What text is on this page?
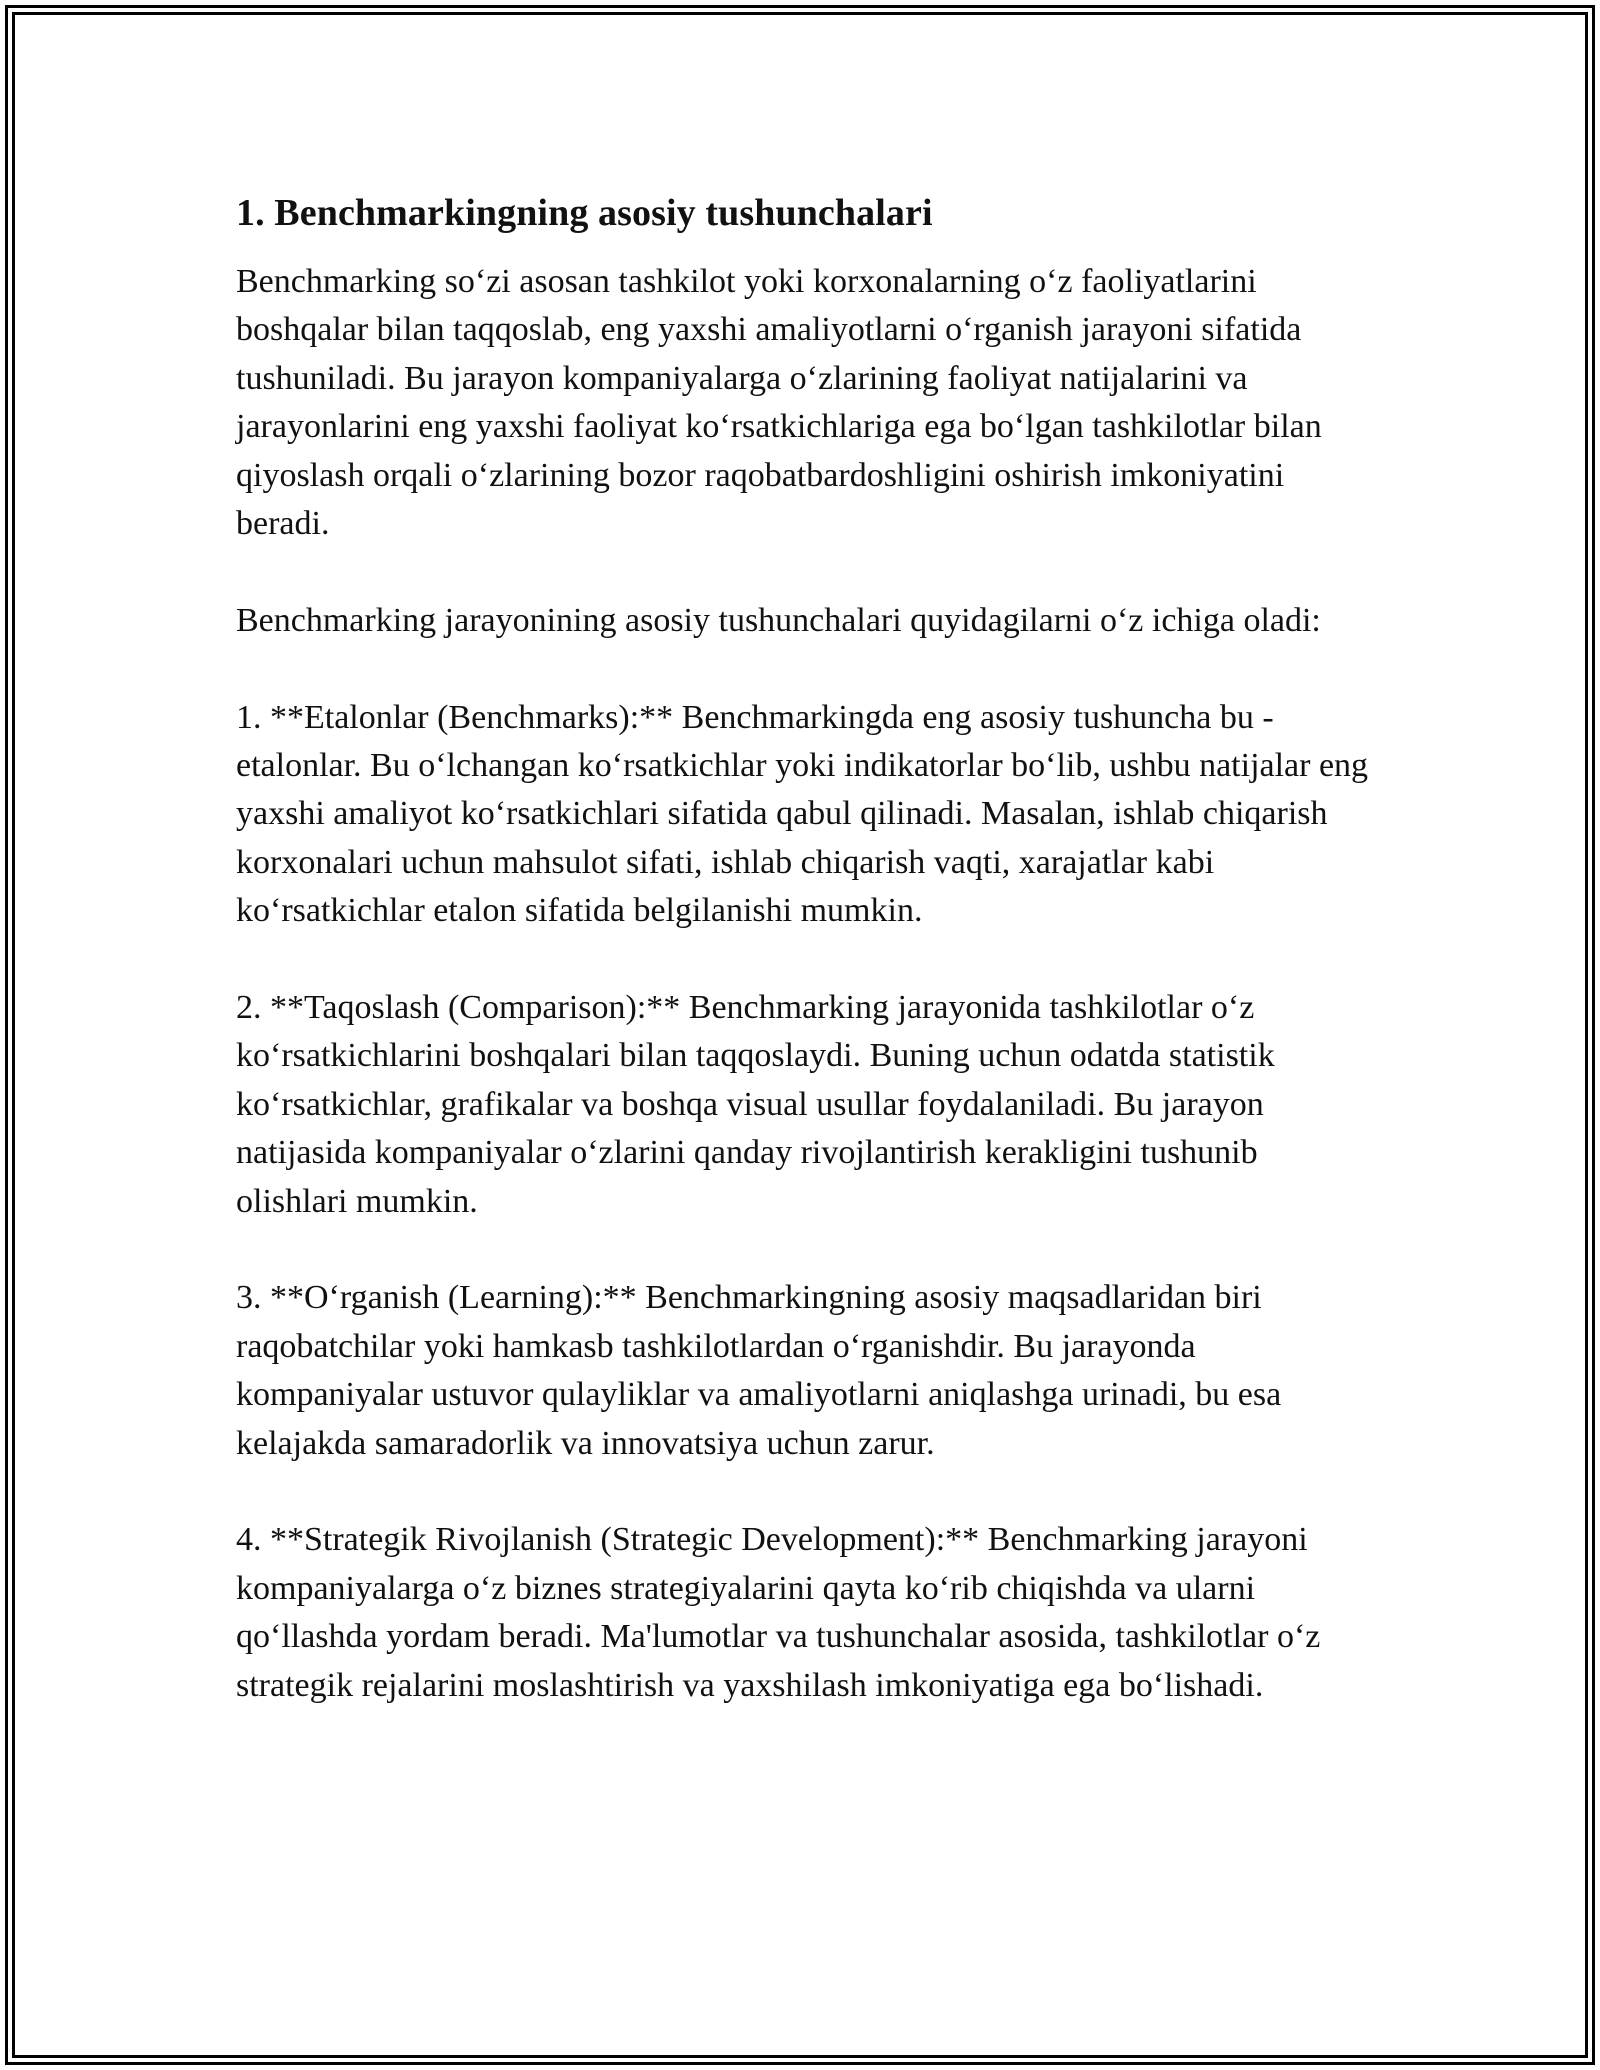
1. Benchmarkingning asosiy tushunchalari

Benchmarking so‘zi asosan tashkilot yoki korxonalarning o‘z faoliyatlarini boshqalar bilan taqqoslab, eng yaxshi amaliyotlarni o‘rganish jarayoni sifatida tushuniladi. Bu jarayon kompaniyalarga o‘zlarining faoliyat natijalarini va jarayonlarini eng yaxshi faoliyat ko‘rsatkichlariga ega bo‘lgan tashkilotlar bilan qiyoslash orqali o‘zlarining bozor raqobatbardoshligini oshirish imkoniyatini beradi.

Benchmarking jarayonining asosiy tushunchalari quyidagilarni o‘z ichiga oladi:

1. **Etalonlar (Benchmarks):** Benchmarkingda eng asosiy tushuncha bu - etalonlar. Bu o‘lchangan ko‘rsatkichlar yoki indikatorlar bo‘lib, ushbu natijalar eng yaxshi amaliyot ko‘rsatkichlari sifatida qabul qilinadi. Masalan, ishlab chiqarish korxonalari uchun mahsulot sifati, ishlab chiqarish vaqti, xarajatlar kabi ko‘rsatkichlar etalon sifatida belgilanishi mumkin.

2. **Taqoslash (Comparison):** Benchmarking jarayonida tashkilotlar o‘z ko‘rsatkichlarini boshqalari bilan taqqoslaydi. Buning uchun odatda statistik ko‘rsatkichlar, grafikalar va boshqa visual usullar foydalaniladi. Bu jarayon natijasida kompaniyalar o‘zlarini qanday rivojlantirish kerakligini tushunib olishlari mumkin.

3. **O‘rganish (Learning):** Benchmarkingning asosiy maqsadlaridan biri raqobatchilar yoki hamkasb tashkilotlardan o‘rganishdir. Bu jarayonda kompaniyalar ustuvor qulayliklar va amaliyotlarni aniqlashga urinadi, bu esa kelajakda samaradorlik va innovatsiya uchun zarur.

4. **Strategik Rivojlanish (Strategic Development):** Benchmarking jarayoni kompaniyalarga o‘z biznes strategiyalarini qayta ko‘rib chiqishda va ularni qo‘llashda yordam beradi. Ma'lumotlar va tushunchalar asosida, tashkilotlar o‘z strategik rejalarini moslashtirish va yaxshilash imkoniyatiga ega bo‘lishadi.
